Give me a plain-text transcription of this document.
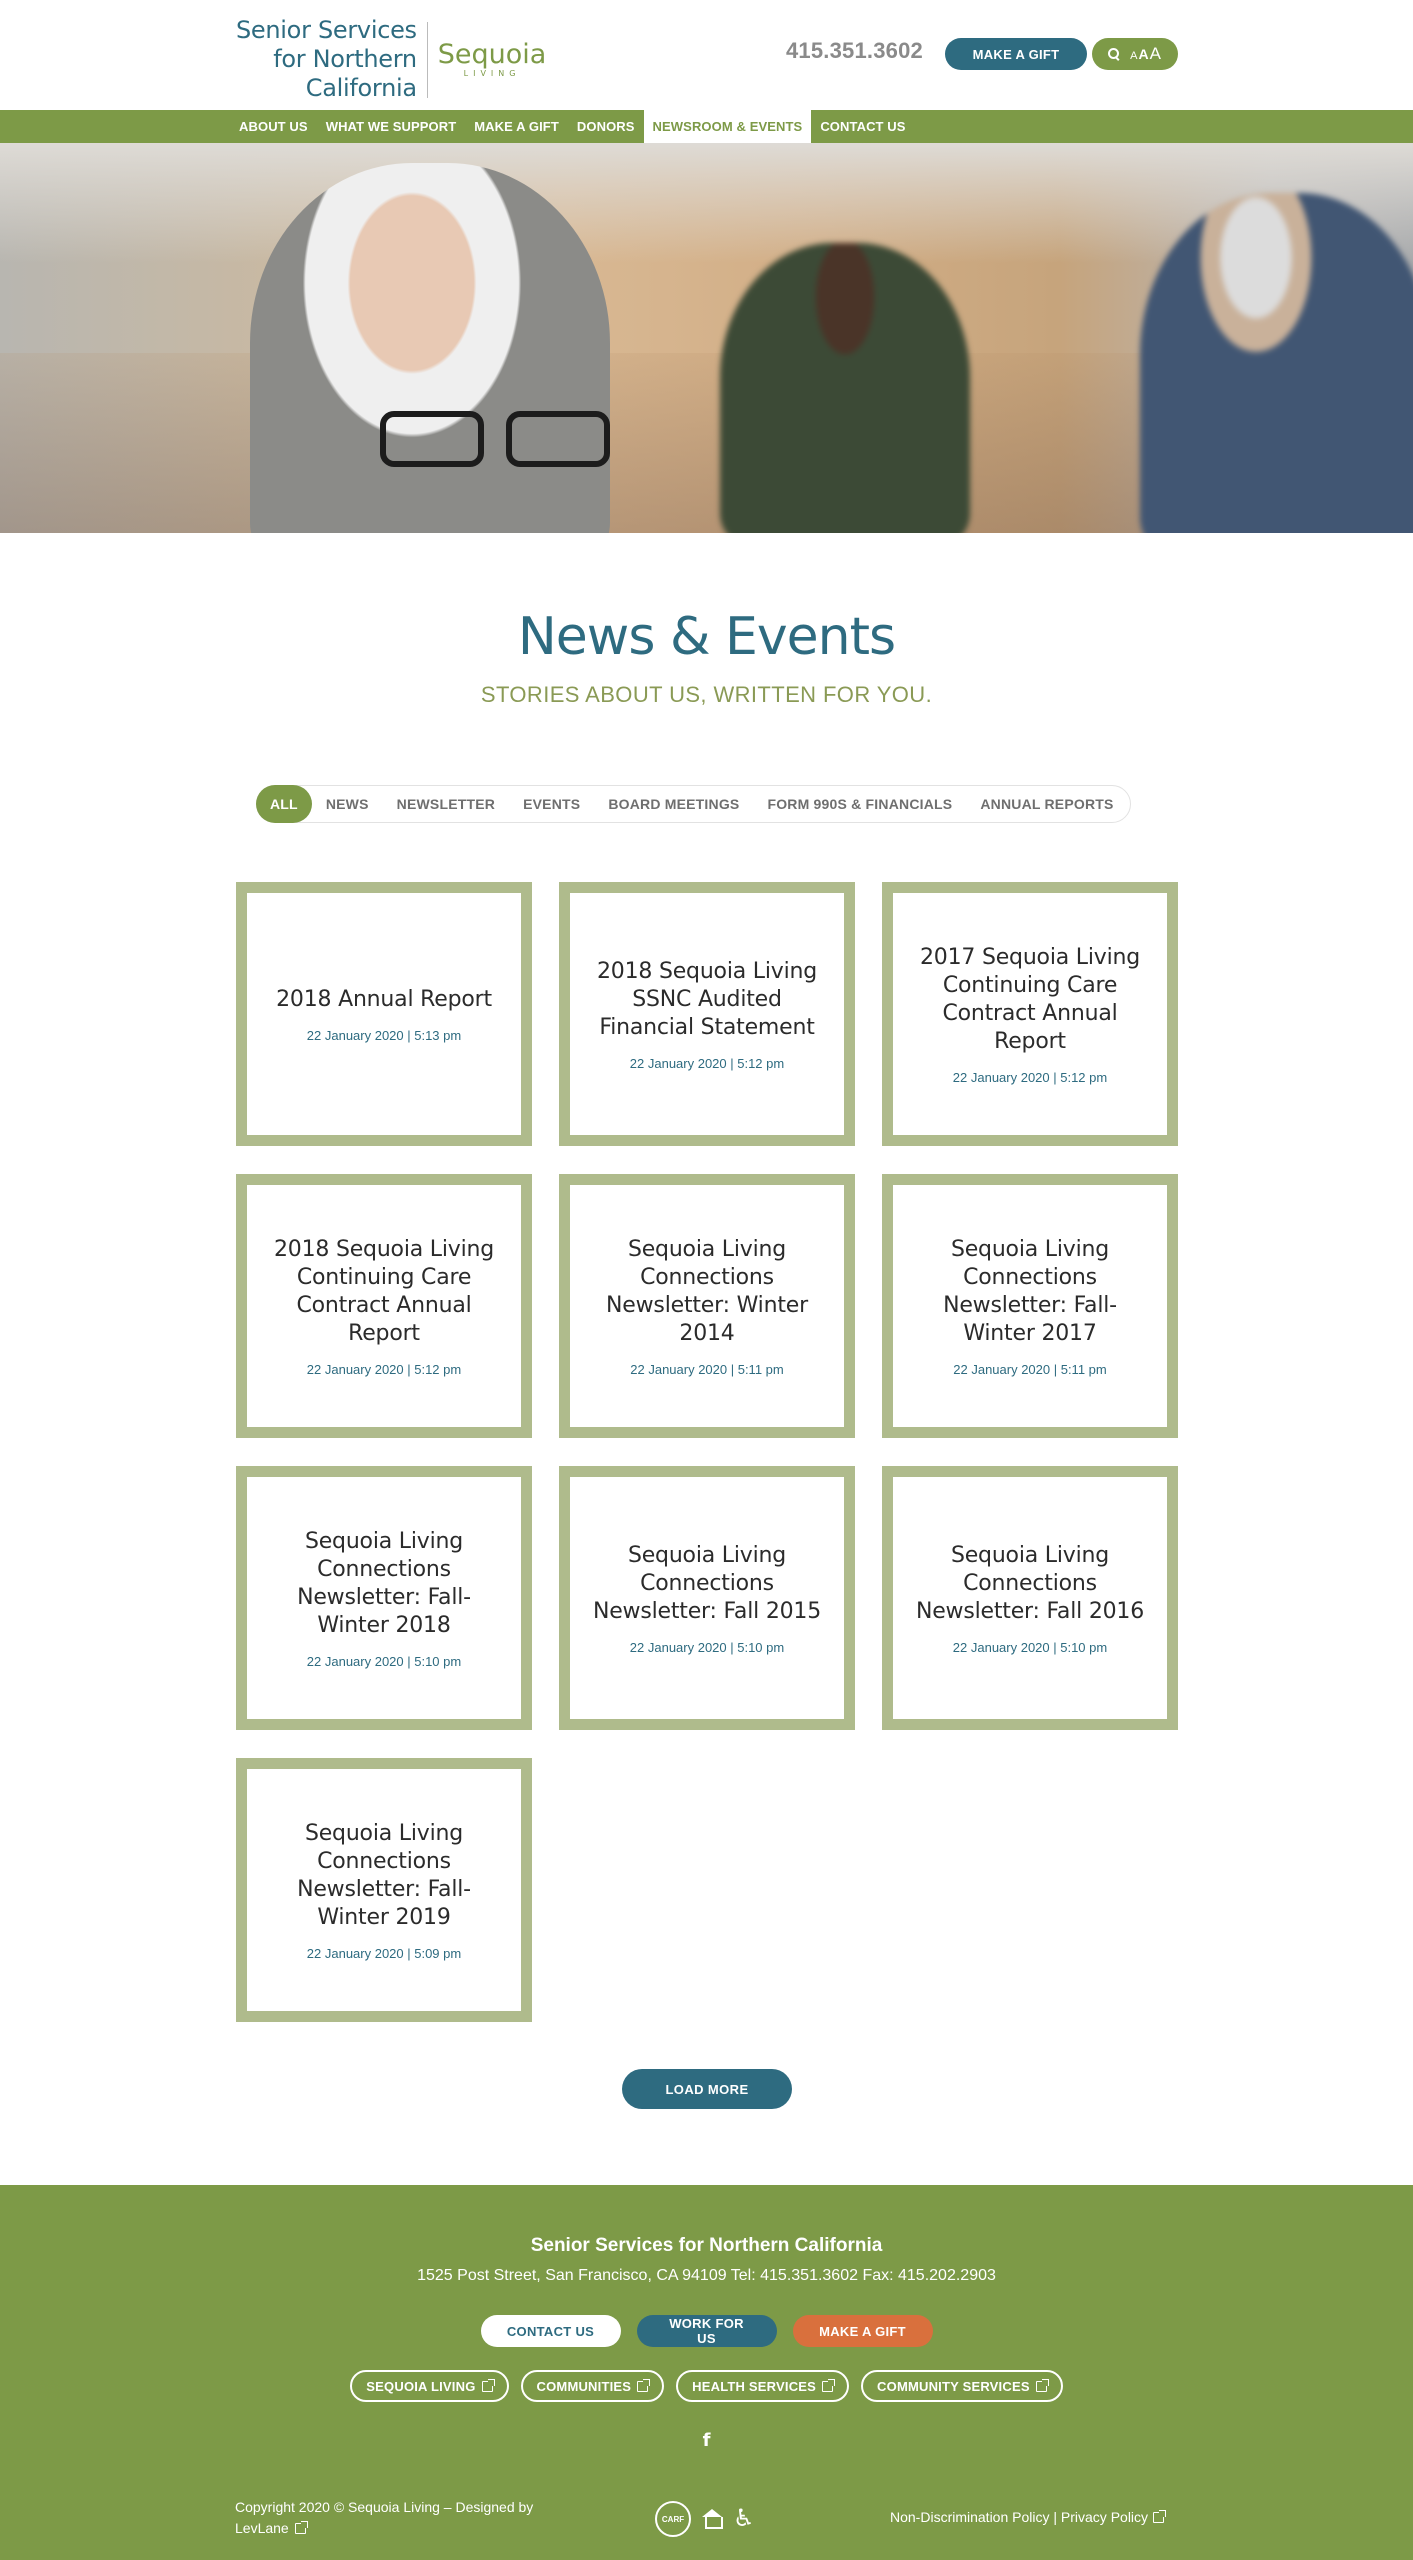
Senior Services
for Northern
California
Sequoia
LIVING
415.351.3602	MAKE A GIFT	AAA
ABOUT US	WHAT WE SUPPORT	MAKE A GIFT	DONORS	NEWSROOM & EVENTS	CONTACT US
News & Events
STORIES ABOUT US, WRITTEN FOR YOU.
ALL	NEWS	NEWSLETTER	EVENTS	BOARD MEETINGS	FORM 990S & FINANCIALS	ANNUAL REPORTS
2018 Annual Report
22 January 2020 | 5:13 pm
2018 Sequoia Living SSNC Audited Financial Statement
22 January 2020 | 5:12 pm
2017 Sequoia Living Continuing Care Contract Annual Report
22 January 2020 | 5:12 pm
2018 Sequoia Living Continuing Care Contract Annual Report
22 January 2020 | 5:12 pm
Sequoia Living Connections Newsletter: Winter 2014
22 January 2020 | 5:11 pm
Sequoia Living Connections Newsletter: Fall-Winter 2017
22 January 2020 | 5:11 pm
Sequoia Living Connections Newsletter: Fall-Winter 2018
22 January 2020 | 5:10 pm
Sequoia Living Connections Newsletter: Fall 2015
22 January 2020 | 5:10 pm
Sequoia Living Connections Newsletter: Fall 2016
22 January 2020 | 5:10 pm
Sequoia Living Connections Newsletter: Fall-Winter 2019
22 January 2020 | 5:09 pm
LOAD MORE
Senior Services for Northern California
1525 Post Street, San Francisco, CA 94109 Tel: 415.351.3602 Fax: 415.202.2903
CONTACT US	WORK FOR US	MAKE A GIFT
SEQUOIA LIVING	COMMUNITIES	HEALTH SERVICES	COMMUNITY SERVICES
f
Copyright 2020 © Sequoia Living – Designed by
LevLane
CARF ♿	Non-Discrimination Policy | Privacy Policy
